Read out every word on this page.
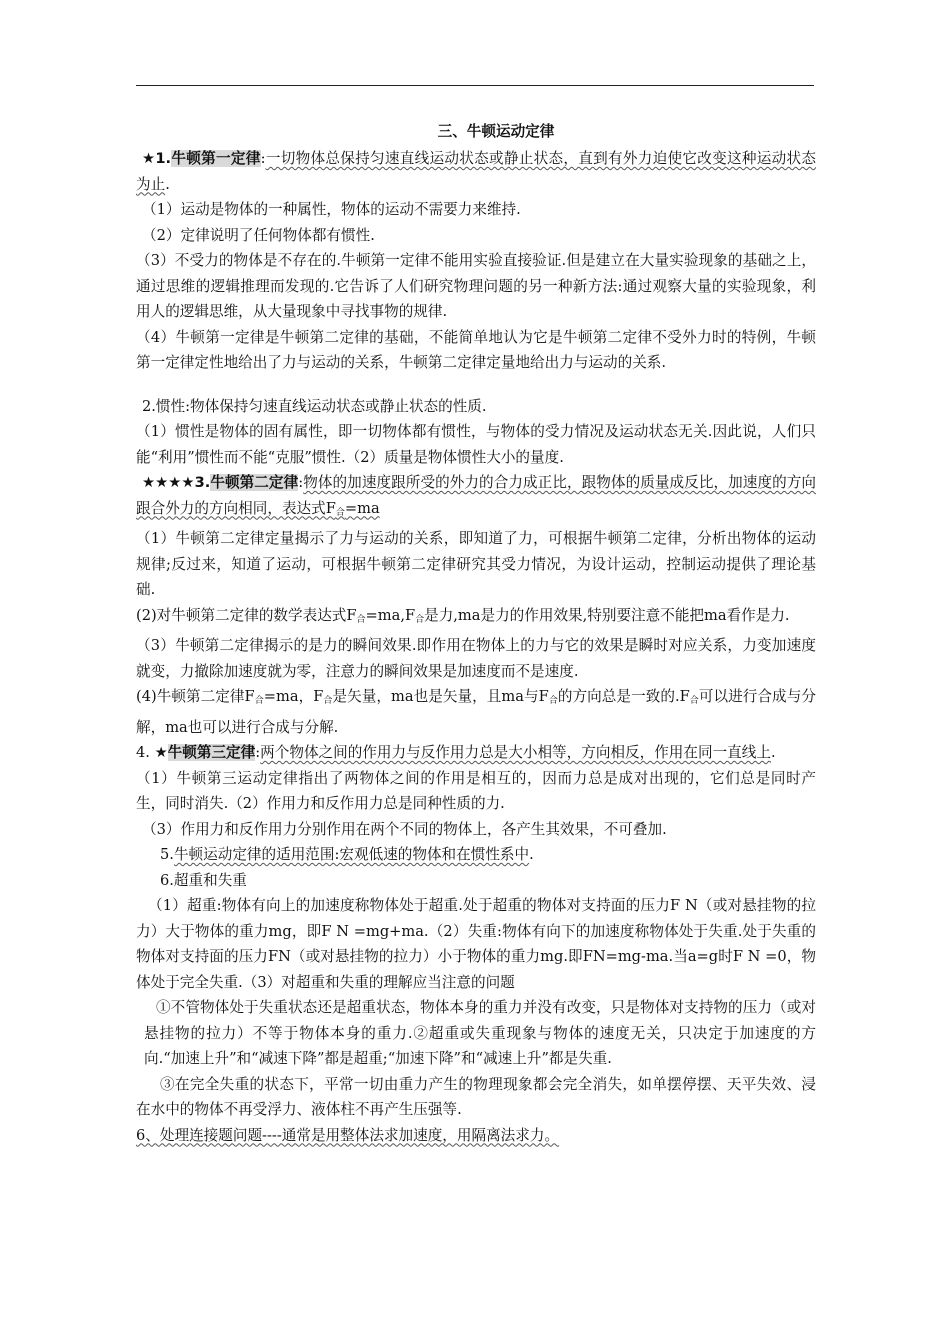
三、牛顿运动定律

★1.牛顿第一定律:一切物体总保持匀速直线运动状态或静止状态，直到有外力迫使它改变这种运动状态为止.

（1）运动是物体的一种属性，物体的运动不需要力来维持.

（2）定律说明了任何物体都有惯性.

（3）不受力的物体是不存在的.牛顿第一定律不能用实验直接验证.但是建立在大量实验现象的基础之上，通过思维的逻辑推理而发现的.它告诉了人们研究物理问题的另一种新方法:通过观察大量的实验现象，利用人的逻辑思维，从大量现象中寻找事物的规律.

（4）牛顿第一定律是牛顿第二定律的基础，不能简单地认为它是牛顿第二定律不受外力时的特例，牛顿第一定律定性地给出了力与运动的关系，牛顿第二定律定量地给出力与运动的关系.

2.惯性:物体保持匀速直线运动状态或静止状态的性质.

（1）惯性是物体的固有属性，即一切物体都有惯性，与物体的受力情况及运动状态无关.因此说，人们只能“利用”惯性而不能“克服”惯性.（2）质量是物体惯性大小的量度.

★★★★3.牛顿第二定律:物体的加速度跟所受的外力的合力成正比，跟物体的质量成反比，加速度的方向跟合外力的方向相同，表达式$F_合=ma$

（1）牛顿第二定律定量揭示了力与运动的关系，即知道了力，可根据牛顿第二定律，分析出物体的运动规律;反过来，知道了运动，可根据牛顿第二定律研究其受力情况，为设计运动，控制运动提供了理论基础.

(2)对牛顿第二定律的数学表达式$F_合=ma,F_合$是力,ma是力的作用效果,特别要注意不能把ma看作是力.

（3）牛顿第二定律揭示的是力的瞬间效果.即作用在物体上的力与它的效果是瞬时对应关系，力变加速度就变，力撤除加速度就为零，注意力的瞬间效果是加速度而不是速度.

(4)牛顿第二定律$F_合=ma$，$F_合$是矢量，ma也是矢量，且ma与$F_合$的方向总是一致的$.F_合$可以进行合成与分解，ma也可以进行合成与分解.

4. ★牛顿第三定律:两个物体之间的作用力与反作用力总是大小相等，方向相反，作用在同一直线上.

（1）牛顿第三运动定律指出了两物体之间的作用是相互的，因而力总是成对出现的，它们总是同时产生，同时消失.（2）作用力和反作用力总是同种性质的力.

（3）作用力和反作用力分别作用在两个不同的物体上，各产生其效果，不可叠加.

5.牛顿运动定律的适用范围:宏观低速的物体和在惯性系中.

6.超重和失重

（1）超重:物体有向上的加速度称物体处于超重.处于超重的物体对支持面的压力F N（或对悬挂物的拉力）大于物体的重力mg，即F N =mg+ma.（2）失重:物体有向下的加速度称物体处于失重.处于失重的物体对支持面的压力FN（或对悬挂物的拉力）小于物体的重力mg.即FN=mg-ma.当a=g时F N =0，物体处于完全失重.（3）对超重和失重的理解应当注意的问题

①不管物体处于失重状态还是超重状态，物体本身的重力并没有改变，只是物体对支持物的压力（或对悬挂物的拉力）不等于物体本身的重力.②超重或失重现象与物体的速度无关，只决定于加速度的方向.“加速上升”和“减速下降”都是超重;“加速下降”和“减速上升”都是失重.

③在完全失重的状态下，平常一切由重力产生的物理现象都会完全消失，如单摆停摆、天平失效、浸在水中的物体不再受浮力、液体柱不再产生压强等.

6、处理连接题问题----通常是用整体法求加速度，用隔离法求力。
